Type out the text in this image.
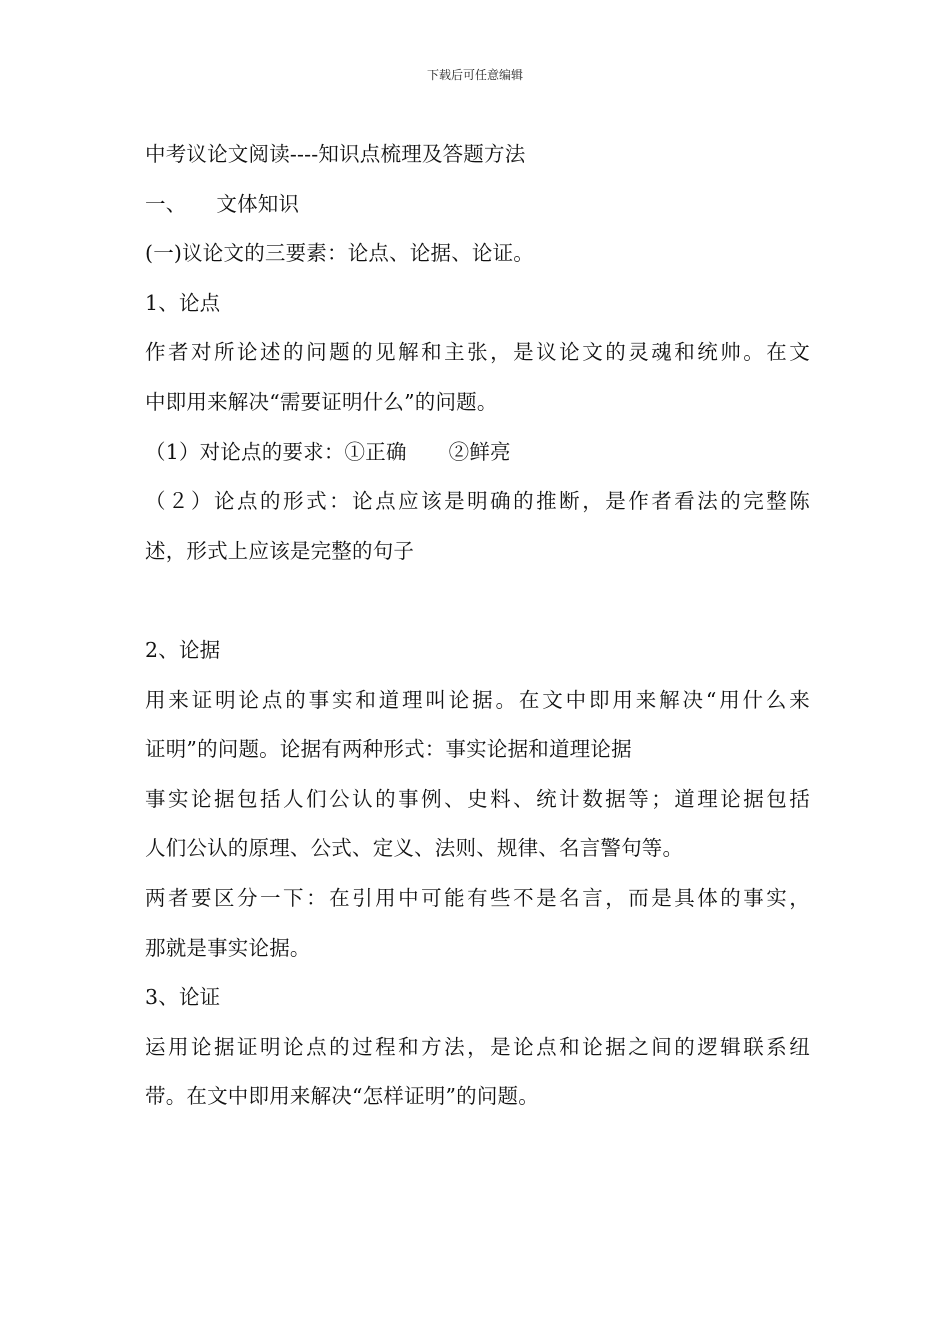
下载后可任意编辑
中考议论文阅读----知识点梳理及答题方法
一、 文体知识
(一)议论文的三要素：论点、论据、论证。
1、论点
作者对所论述的问题的见解和主张，是议论文的灵魂和统帅。在文
中即用来解决“需要证明什么”的问题。
（1）对论点的要求：①正确 ②鲜亮
（２）论点的形式：论点应该是明确的推断，是作者看法的完整陈
述，形式上应该是完整的句子
2、论据
用来证明论点的事实和道理叫论据。在文中即用来解决“用什么来
证明”的问题。论据有两种形式：事实论据和道理论据
事实论据包括人们公认的事例、史料、统计数据等；道理论据包括
人们公认的原理、公式、定义、法则、规律、名言警句等。
两者要区分一下：在引用中可能有些不是名言，而是具体的事实，
那就是事实论据。
3、论证
运用论据证明论点的过程和方法，是论点和论据之间的逻辑联系纽
带。在文中即用来解决“怎样证明”的问题。
